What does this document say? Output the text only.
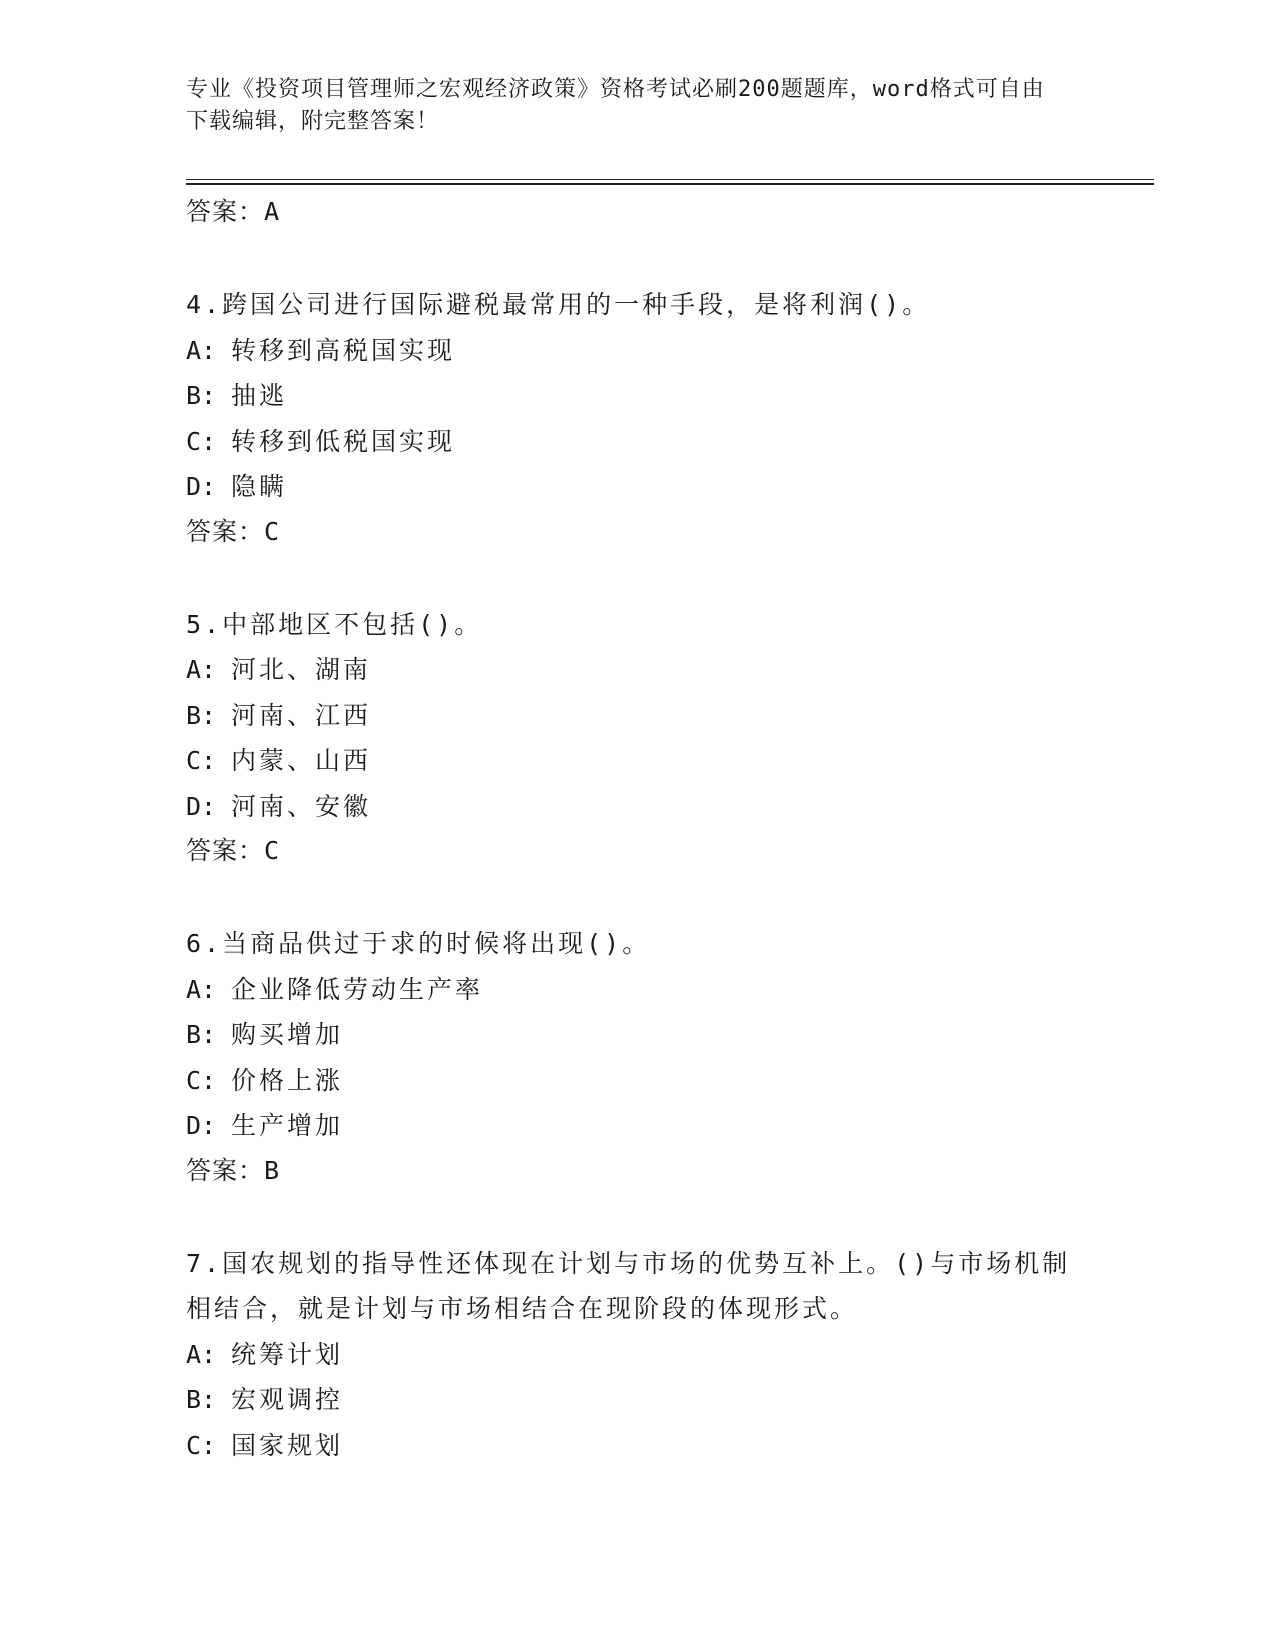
专业《投资项目管理师之宏观经济政策》资格考试必刷200题题库，word格式可自由下载编辑，附完整答案！
答案：A
4.跨国公司进行国际避税最常用的一种手段，是将利润()。
A: 转移到高税国实现
B: 抽逃
C: 转移到低税国实现
D: 隐瞒
答案：C
5.中部地区不包括()。
A: 河北、湖南
B: 河南、江西
C: 内蒙、山西
D: 河南、安徽
答案：C
6.当商品供过于求的时候将出现()。
A: 企业降低劳动生产率
B: 购买增加
C: 价格上涨
D: 生产增加
答案：B
7.国农规划的指导性还体现在计划与市场的优势互补上。()与市场机制相结合，就是计划与市场相结合在现阶段的体现形式。
A: 统筹计划
B: 宏观调控
C: 国家规划
